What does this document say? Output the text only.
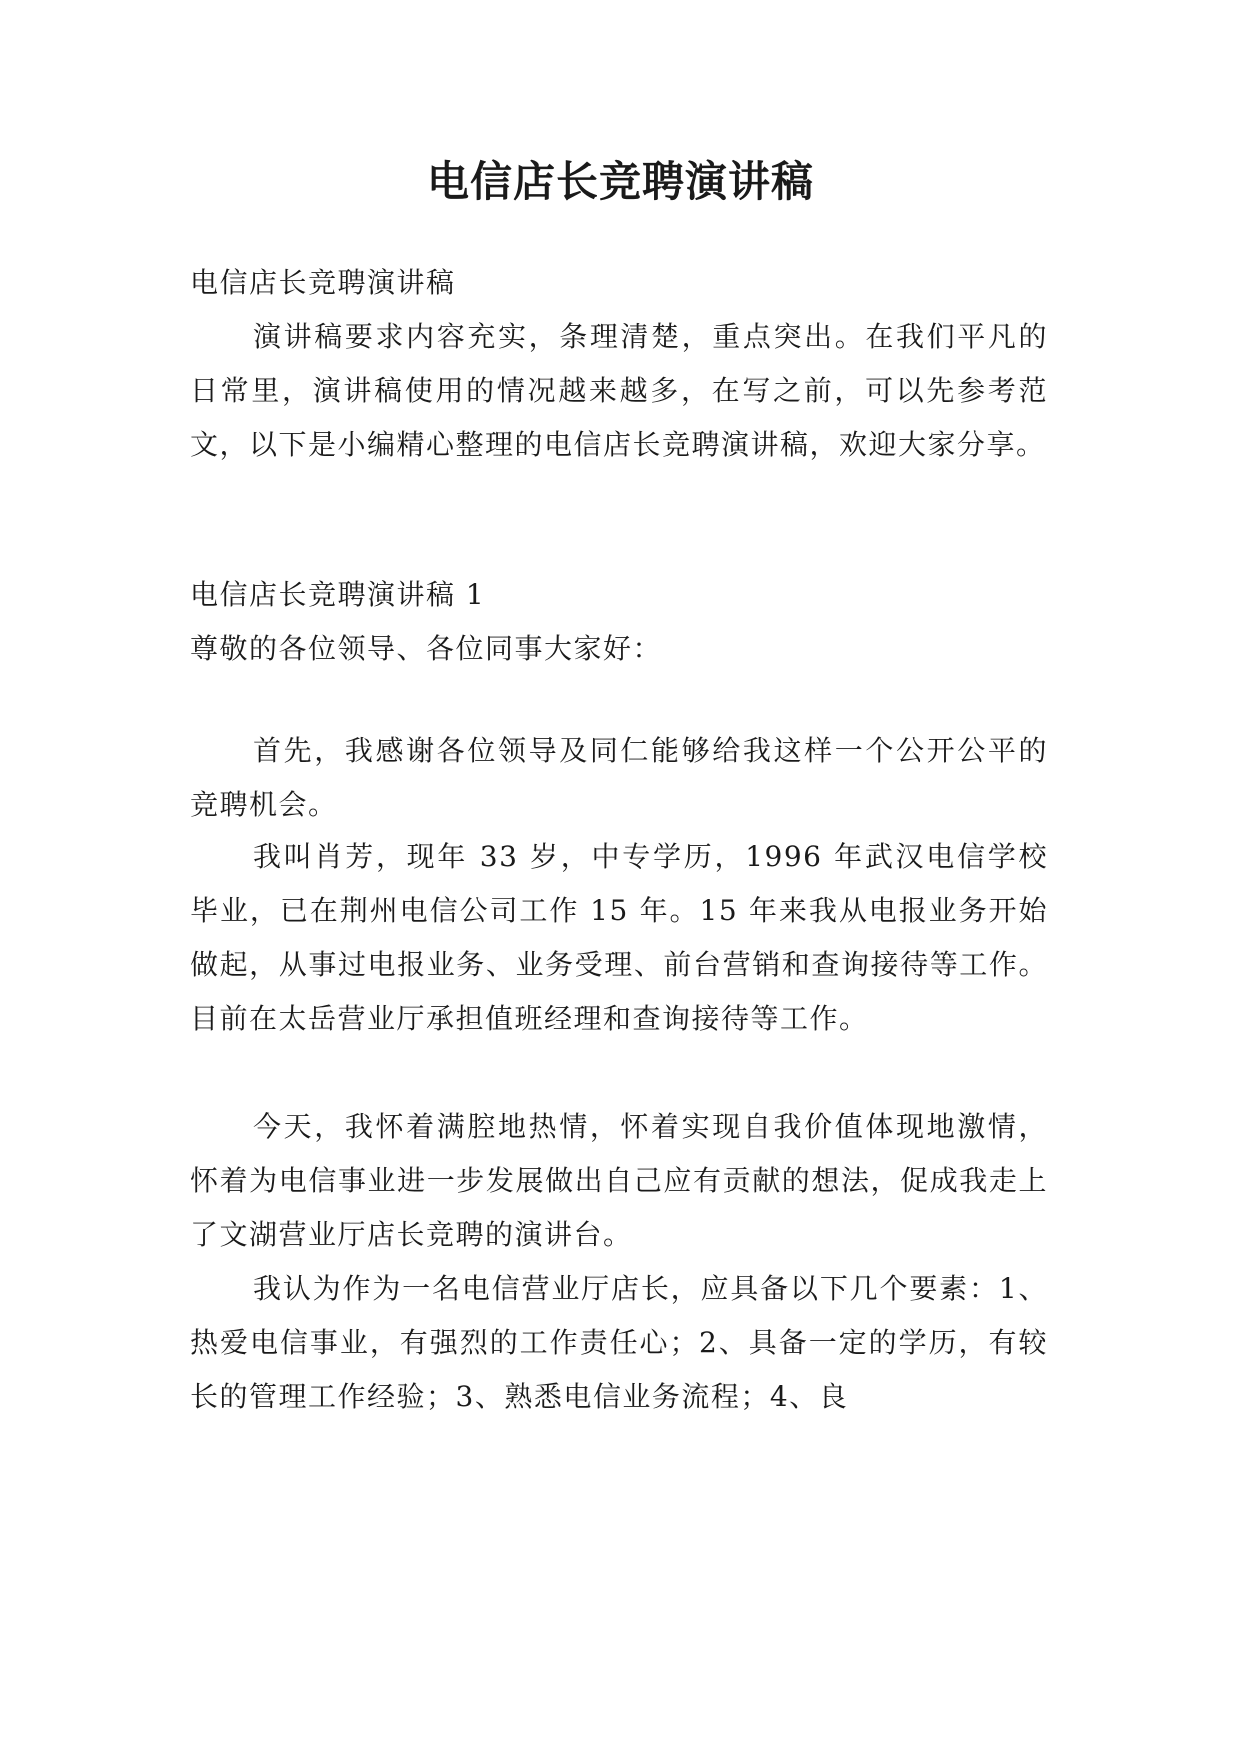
电信店长竞聘演讲稿

电信店长竞聘演讲稿

演讲稿要求内容充实，条理清楚，重点突出。在我们平凡的日常里，演讲稿使用的情况越来越多，在写之前，可以先参考范文，以下是小编精心整理的电信店长竞聘演讲稿，欢迎大家分享。

电信店长竞聘演讲稿 1

尊敬的各位领导、各位同事大家好：

首先，我感谢各位领导及同仁能够给我这样一个公开公平的竞聘机会。

我叫肖芳，现年 33 岁，中专学历，1996 年武汉电信学校毕业，已在荆州电信公司工作 15 年。15 年来我从电报业务开始做起，从事过电报业务、业务受理、前台营销和查询接待等工作。目前在太岳营业厅承担值班经理和查询接待等工作。

今天，我怀着满腔地热情，怀着实现自我价值体现地激情，怀着为电信事业进一步发展做出自己应有贡献的想法，促成我走上了文湖营业厅店长竞聘的演讲台。

我认为作为一名电信营业厅店长，应具备以下几个要素：1、热爱电信事业，有强烈的工作责任心；2、具备一定的学历，有较长的管理工作经验；3、熟悉电信业务流程；4、良
